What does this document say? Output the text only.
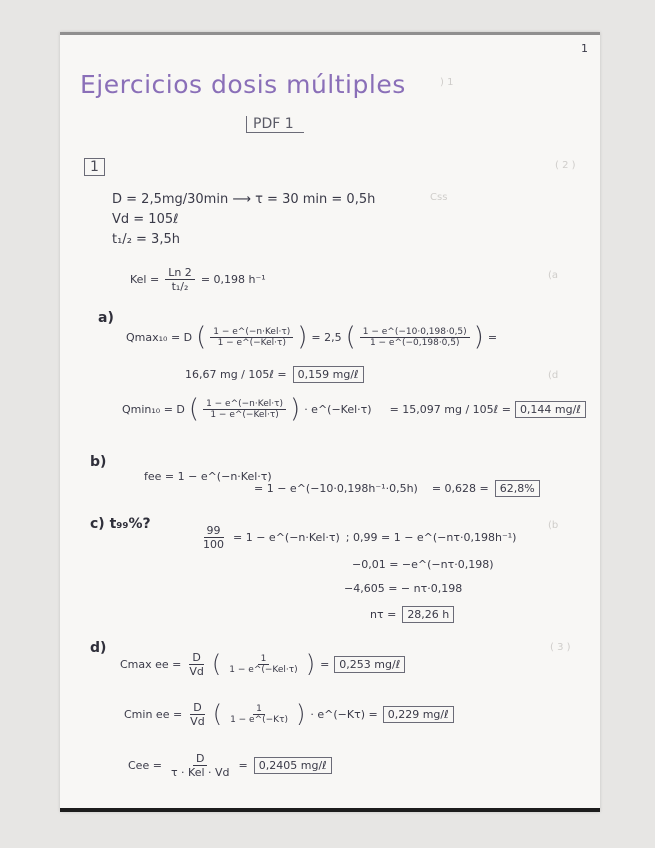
) 1
( 2 )
Css
(a
(d
(b
( 3 )
1
Ejercicios dosis múltiples
PDF 1
1
D = 2,5mg/30min ⟶ τ = 30 min = 0,5h
Vd = 105ℓ
t₁/₂ = 3,5h
Kel = $\frac{Ln 2}{\text{t₁/₂}} = 0,198$ h⁻¹
a)
Qmax₁₀ = D ( $\frac{\text{1 − e\textasciicircum{}(−n·Kel·τ)}}{\text{1 − e\textasciicircum{}(−Kel·τ)}}$ ) = 2,5 ( $\frac{1 - e\^{}(-10\cdot 0,198\cdot 0,5)}{1 - e\^{}(-0,198\cdot 0,5)}$ ) =
16,67 mg / 105ℓ =	0,159 mg/ℓ
Qmin₁₀ = D ( $\frac{\text{1 − e\textasciicircum{}(−n·Kel·τ)}}{\text{1 − e\textasciicircum{}(−Kel·τ)}}$ ) · e^(−Kel·τ) = 15,097 mg / 105ℓ = 0,144 mg/ℓ
b)
fee = 1 − e^(−n·Kel·τ)
= 1 − e^(−10·0,198h⁻¹·0,5h) = 0,628 =	62,8%
c) t₉₉%?	$\frac{99}{100} = 1$ − e^(−n·Kel·τ) ; 0,99 = 1 − e^(−nτ·0,198h⁻¹)
−0,01 = −e^(−nτ·0,198)
−4,605 = − nτ·0,198
nτ =	28,26 h
d)
Cmax ee = $\frac{D}{Vd}$ ( $\frac{1}{\text{1 − e\textasciicircum{}(−Kel·τ)}}$ ) = 0,253 mg/ℓ
Cmin ee = $\frac{D}{Vd}$ ( $\frac{1}{1 - e\^{}(-K\tau)}$ ) · e^(−Kτ) = 0,229 mg/ℓ
Cee = $\frac{D}{\text{τ · Kel · Vd}}$ =	0,2405 mg/ℓ
